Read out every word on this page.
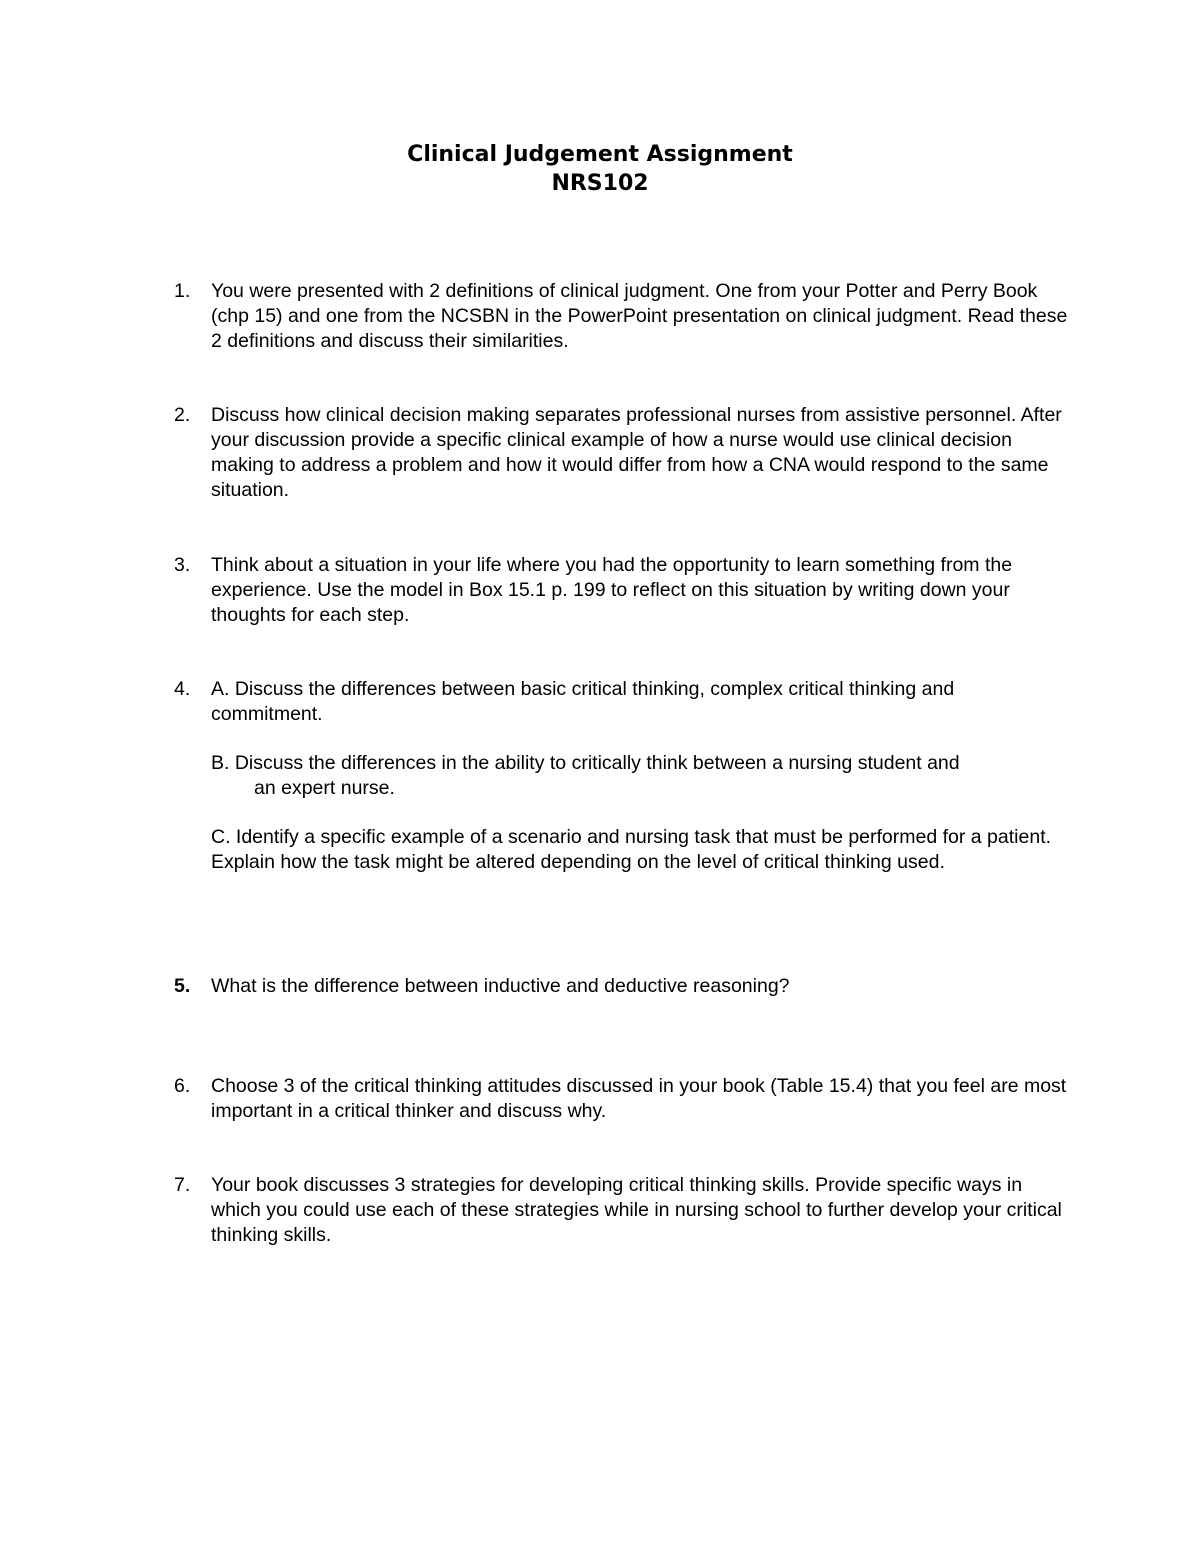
Clinical Judgement Assignment
NRS102
1.	You were presented with 2 definitions of clinical judgment. One from your Potter and Perry Book (chp 15) and one from the NCSBN in the PowerPoint presentation on clinical judgment. Read these 2 definitions and discuss their similarities.
2.	Discuss how clinical decision making separates professional nurses from assistive personnel. After your discussion provide a specific clinical example of how a nurse would use clinical decision making to address a problem and how it would differ from how a CNA would respond to the same situation.
3.	Think about a situation in your life where you had the opportunity to learn something from the experience. Use the model in Box 15.1 p. 199 to reflect on this situation by writing down your thoughts for each step.
4.	A. Discuss the differences between basic critical thinking, complex critical thinking and commitment.
B. Discuss the differences in the ability to critically think between a nursing student and
an expert nurse.
C. Identify a specific example of a scenario and nursing task that must be performed for a patient. Explain how the task might be altered depending on the level of critical thinking used.
5.	What is the difference between inductive and deductive reasoning?
6.	Choose 3 of the critical thinking attitudes discussed in your book (Table 15.4) that you feel are most important in a critical thinker and discuss why.
7.	Your book discusses 3 strategies for developing critical thinking skills. Provide specific ways in which you could use each of these strategies while in nursing school to further develop your critical thinking skills.
